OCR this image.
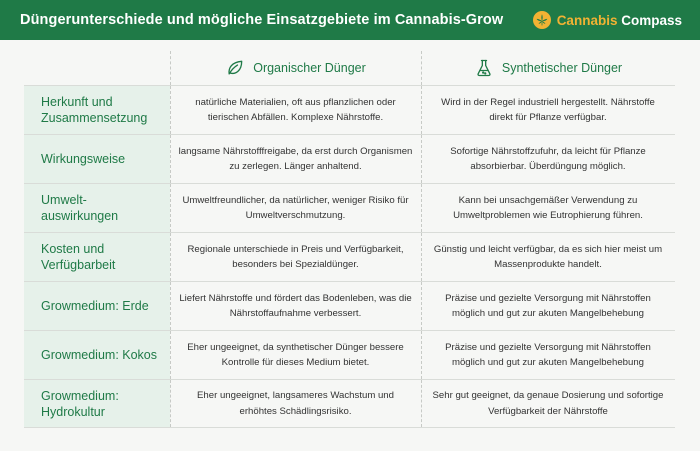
Düngerunterschiede und mögliche Einsatzgebiete im Cannabis-Grow	Cannabis Compass
Organischer Dünger	Synthetischer Dünger
Herkunft und Zusammensetzung
natürliche Materialien, oft aus pflanzlichen oder tierischen Abfällen. Komplexe Nährstoffe.
Wird in der Regel industriell hergestellt. Nährstoffe direkt für Pflanze verfügbar.
Wirkungsweise
langsame Nährstofffreigabe, da erst durch Organismen zu zerlegen. Länger anhaltend.
Sofortige Nährstoffzufuhr, da leicht für Pflanze absorbierbar. Überdüngung möglich.
Umwelt-auswirkungen
Umweltfreundlicher, da natürlicher, weniger Risiko für Umweltverschmutzung.
Kann bei unsachgemäßer Verwendung zu Umweltproblemen wie Eutrophierung führen.
Kosten und Verfügbarbeit
Regionale unterschiede in Preis und Verfügbarkeit, besonders bei Spezialdünger.
Günstig und leicht verfügbar, da es sich hier meist um Massenprodukte handelt.
Growmedium: Erde
Liefert Nährstoffe und fördert das Bodenleben, was die Nährstoffaufnahme verbessert.
Präzise und gezielte Versorgung mit Nährstoffen möglich und gut zur akuten Mangelbehebung
Growmedium: Kokos
Eher ungeeignet, da synthetischer Dünger bessere Kontrolle für dieses Medium bietet.
Präzise und gezielte Versorgung mit Nährstoffen möglich und gut zur akuten Mangelbehebung
Growmedium: Hydrokultur
Eher ungeeignet, langsameres Wachstum und erhöhtes Schädlingsrisiko.
Sehr gut geeignet, da genaue Dosierung und sofortige Verfügbarkeit der Nährstoffe
